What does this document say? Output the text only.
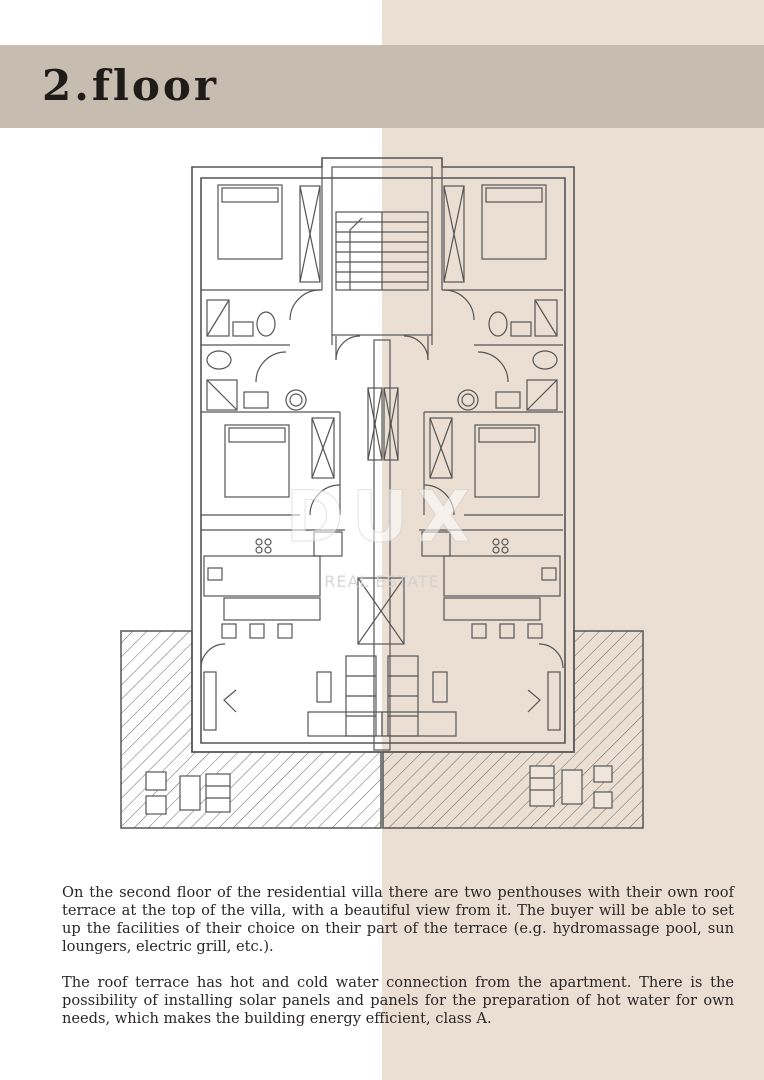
2.floor
DUX
REAL ESTATE

On the second floor of the residential villa there are two penthouses with their own roof terrace at the top of the villa, with a beautiful view from it. The buyer will be able to set up the facilities of their choice on their part of the terrace (e.g. hydromassage pool, sun loungers, electric grill, etc.).

The roof terrace has hot and cold water connection from the apartment. There is the possibility of installing solar panels and panels for the preparation of hot water for own needs, which makes the building energy efficient, class A.
